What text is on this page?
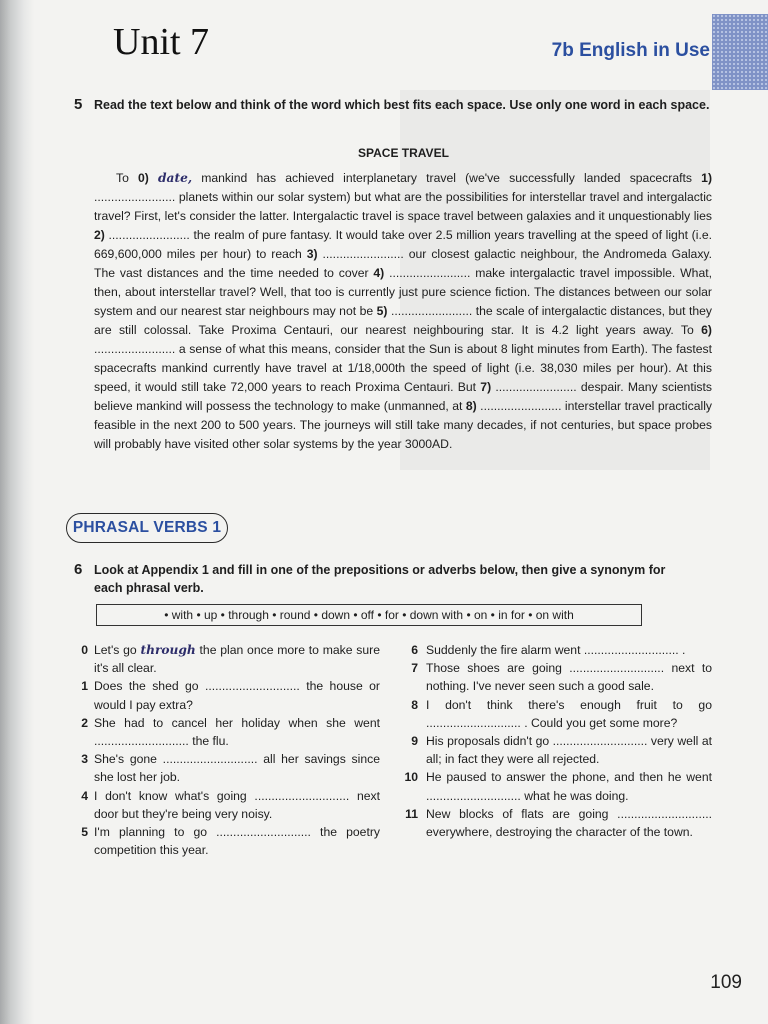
Unit 7	7b English in Use
5 Read the text below and think of the word which best fits each space. Use only one word in each space.
SPACE TRAVEL

To 0) date, mankind has achieved interplanetary travel (we've successfully landed spacecrafts 1) ........................ planets within our solar system) but what are the possibilities for interstellar travel and intergalactic travel? First, let's consider the latter. Intergalactic travel is space travel between galaxies and it unquestionably lies 2) ........................ the realm of pure fantasy. It would take over 2.5 million years travelling at the speed of light (i.e. 669,600,000 miles per hour) to reach 3) ........................ our closest galactic neighbour, the Andromeda Galaxy. The vast distances and the time needed to cover 4) ........................ make intergalactic travel impossible. What, then, about interstellar travel? Well, that too is currently just pure science fiction. The distances between our solar system and our nearest star neighbours may not be 5) ........................ the scale of intergalactic distances, but they are still colossal. Take Proxima Centauri, our nearest neighbouring star. It is 4.2 light years away. To 6) ........................ a sense of what this means, consider that the Sun is about 8 light minutes from Earth). The fastest spacecrafts mankind currently have travel at 1/18,000th the speed of light (i.e. 38,030 miles per hour). At this speed, it would still take 72,000 years to reach Proxima Centauri. But 7) ........................ despair. Many scientists believe mankind will possess the technology to make (unmanned, at 8) ........................ interstellar travel practically feasible in the next 200 to 500 years. The journeys will still take many decades, if not centuries, but space probes will probably have visited other solar systems by the year 3000AD.

PHRASAL VERBS 1
6 Look at Appendix 1 and fill in one of the prepositions or adverbs below, then give a synonym for each phrasal verb.
• with • up • through • round • down • off • for • down with • on • in for • on with
0 Let's go through the plan once more to make sure it's all clear.
1 Does the shed go ............................ the house or would I pay extra?
2 She had to cancel her holiday when she went ............................ the flu.
3 She's gone ............................ all her savings since she lost her job.
4 I don't know what's going ............................ next door but they're being very noisy.
5 I'm planning to go ............................ the poetry competition this year.
6 Suddenly the fire alarm went ............................ .
7 Those shoes are going ............................ next to nothing. I've never seen such a good sale.
8 I don't think there's enough fruit to go ............................ . Could you get some more?
9 His proposals didn't go ............................ very well at all; in fact they were all rejected.
10 He paused to answer the phone, and then he went ............................ what he was doing.
11 New blocks of flats are going ............................ everywhere, destroying the character of the town.
109
